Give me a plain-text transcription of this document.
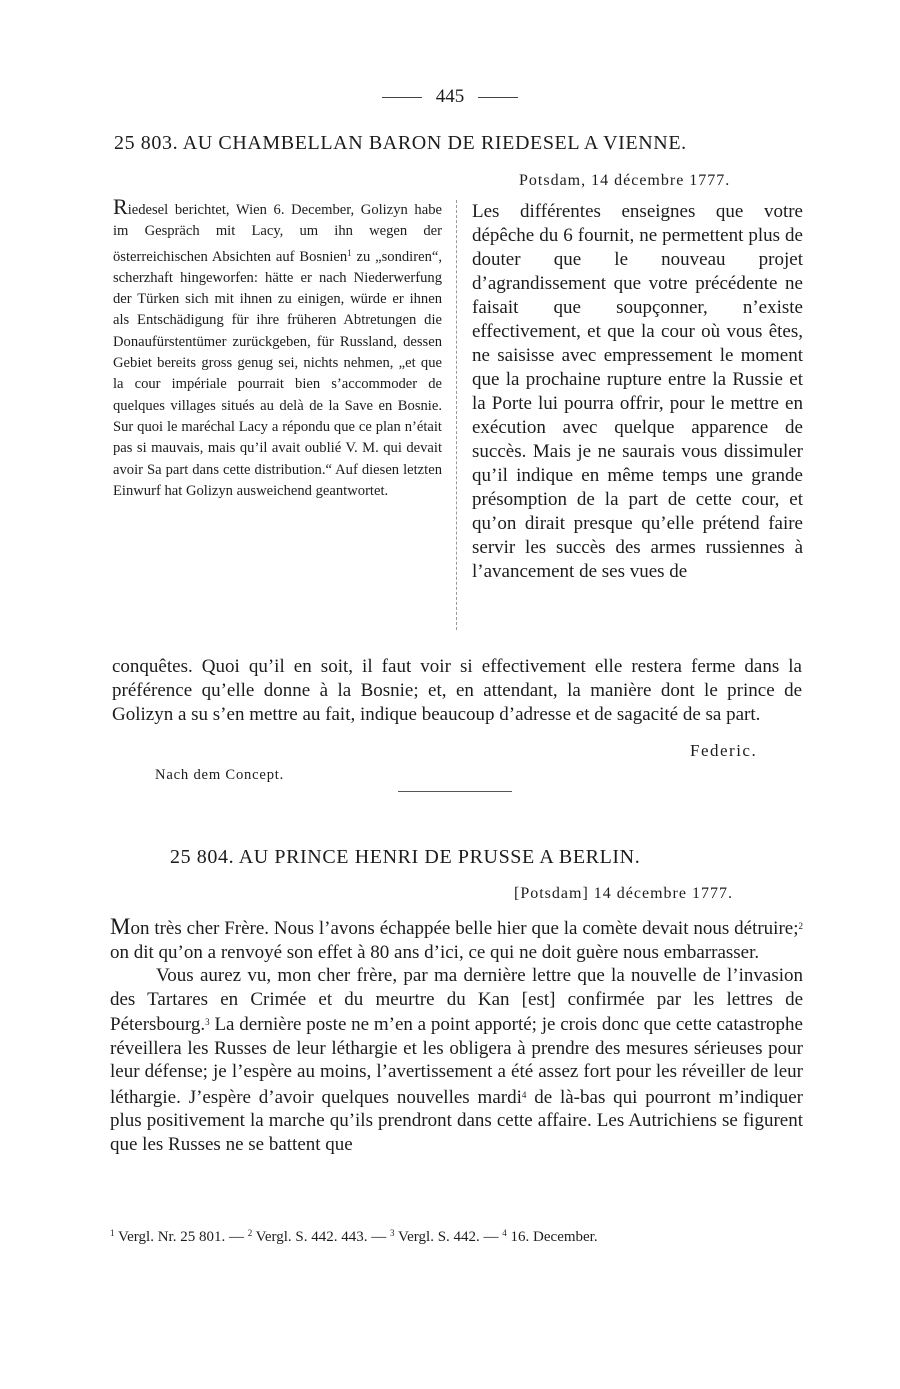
445
25 803. AU CHAMBELLAN BARON DE RIEDESEL A VIENNE.
Potsdam, 14 décembre 1777.
Riedesel berichtet, Wien 6. December, Golizyn habe im Gespräch mit Lacy, um ihn wegen der österreichischen Absichten auf Bosnien$^1$ zu „sondiren“, scherzhaft hingeworfen: hätte er nach Niederwerfung der Türken sich mit ihnen zu einigen, würde er ihnen als Entschädigung für ihre früheren Abtretungen die Donaufürstentümer zurückgeben, für Russland, dessen Gebiet bereits gross genug sei, nichts nehmen, „et que la cour impériale pourrait bien s’accommoder de quelques villages situés au delà de la Save en Bosnie. Sur quoi le maréchal Lacy a répondu que ce plan n’était pas si mauvais, mais qu’il avait oublié V. M. qui devait avoir Sa part dans cette distribution.“ Auf diesen letzten Einwurf hat Golizyn ausweichend geantwortet.
Les différentes enseignes que votre dépêche du 6 fournit, ne permettent plus de douter que le nouveau projet d’agrandissement que votre précédente ne faisait que soupçonner, n’existe effectivement, et que la cour où vous êtes, ne saisisse avec empressement le moment que la prochaine rupture entre la Russie et la Porte lui pourra offrir, pour le mettre en exécution avec quelque apparence de succès. Mais je ne saurais vous dissimuler qu’il indique en même temps une grande présomption de la part de cette cour, et qu’on dirait presque qu’elle prétend faire servir les succès des armes russiennes à l’avancement de ses vues de
conquêtes. Quoi qu’il en soit, il faut voir si effectivement elle restera ferme dans la préférence qu’elle donne à la Bosnie; et, en attendant, la manière dont le prince de Golizyn a su s’en mettre au fait, indique beaucoup d’adresse et de sagacité de sa part.
Federic.
Nach dem Concept.
25 804. AU PRINCE HENRI DE PRUSSE A BERLIN.
[Potsdam] 14 décembre 1777.

Mon très cher Frère. Nous l’avons échappée belle hier que la comète devait nous détruire;$^2$ on dit qu’on a renvoyé son effet à 80 ans d’ici, ce qui ne doit guère nous embarrasser.

Vous aurez vu, mon cher frère, par ma dernière lettre que la nouvelle de l’invasion des Tartares en Crimée et du meurtre du Kan [est] confirmée par les lettres de Pétersbourg.$^3$ La dernière poste ne m’en a point apporté; je crois donc que cette catastrophe réveillera les Russes de leur léthargie et les obligera à prendre des mesures sérieuses pour leur défense; je l’espère au moins, l’avertissement a été assez fort pour les réveiller de leur léthargie. J’espère d’avoir quelques nouvelles mardi$^4$ de là-bas qui pourront m’indiquer plus positivement la marche qu’ils prendront dans cette affaire. Les Autrichiens se figurent que les Russes ne se battent que

$^1$ Vergl. Nr. 25 801. — $^2$ Vergl. S. 442. 443. — $^3$ Vergl. S. 442. — $^4$ 16. December.
